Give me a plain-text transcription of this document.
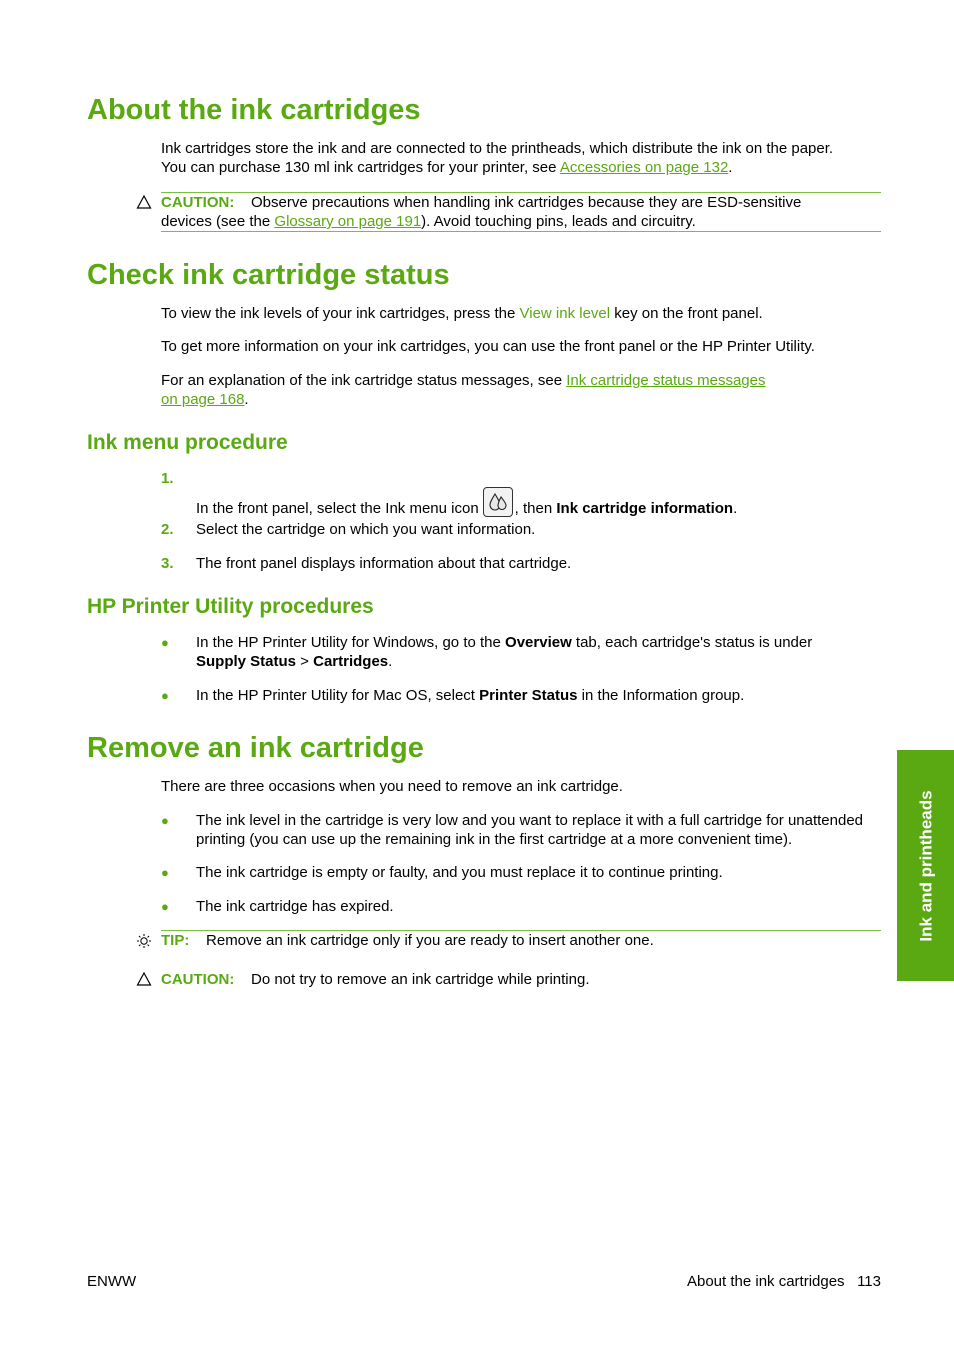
About the ink cartridges

Ink cartridges store the ink and are connected to the printheads, which distribute the ink on the paper.
You can purchase 130 ml ink cartridges for your printer, see Accessories on page 132.

CAUTION: Observe precautions when handling ink cartridges because they are ESD-sensitive
devices (see the Glossary on page 191). Avoid touching pins, leads and circuitry.

Check ink cartridge status

To view the ink levels of your ink cartridges, press the View ink level key on the front panel.

To get more information on your ink cartridges, you can use the front panel or the HP Printer Utility.

For an explanation of the ink cartridge status messages, see Ink cartridge status messages
on page 168.

Ink menu procedure
1.

In the front panel, select the Ink menu icon , then Ink cartridge information.

2. Select the cartridge on which you want information.

3. The front panel displays information about that cartridge.

HP Printer Utility procedures
● In the HP Printer Utility for Windows, go to the Overview tab, each cartridge's status is under
Supply Status > Cartridges.

● In the HP Printer Utility for Mac OS, select Printer Status in the Information group.

Remove an ink cartridge

There are three occasions when you need to remove an ink cartridge.

● The ink level in the cartridge is very low and you want to replace it with a full cartridge for unattended
printing (you can use up the remaining ink in the first cartridge at a more convenient time).

● The ink cartridge is empty or faulty, and you must replace it to continue printing.

● The ink cartridge has expired.

TIP: Remove an ink cartridge only if you are ready to insert another one.

CAUTION: Do not try to remove an ink cartridge while printing.

Ink and printheads
ENWW	About the ink cartridges 113
